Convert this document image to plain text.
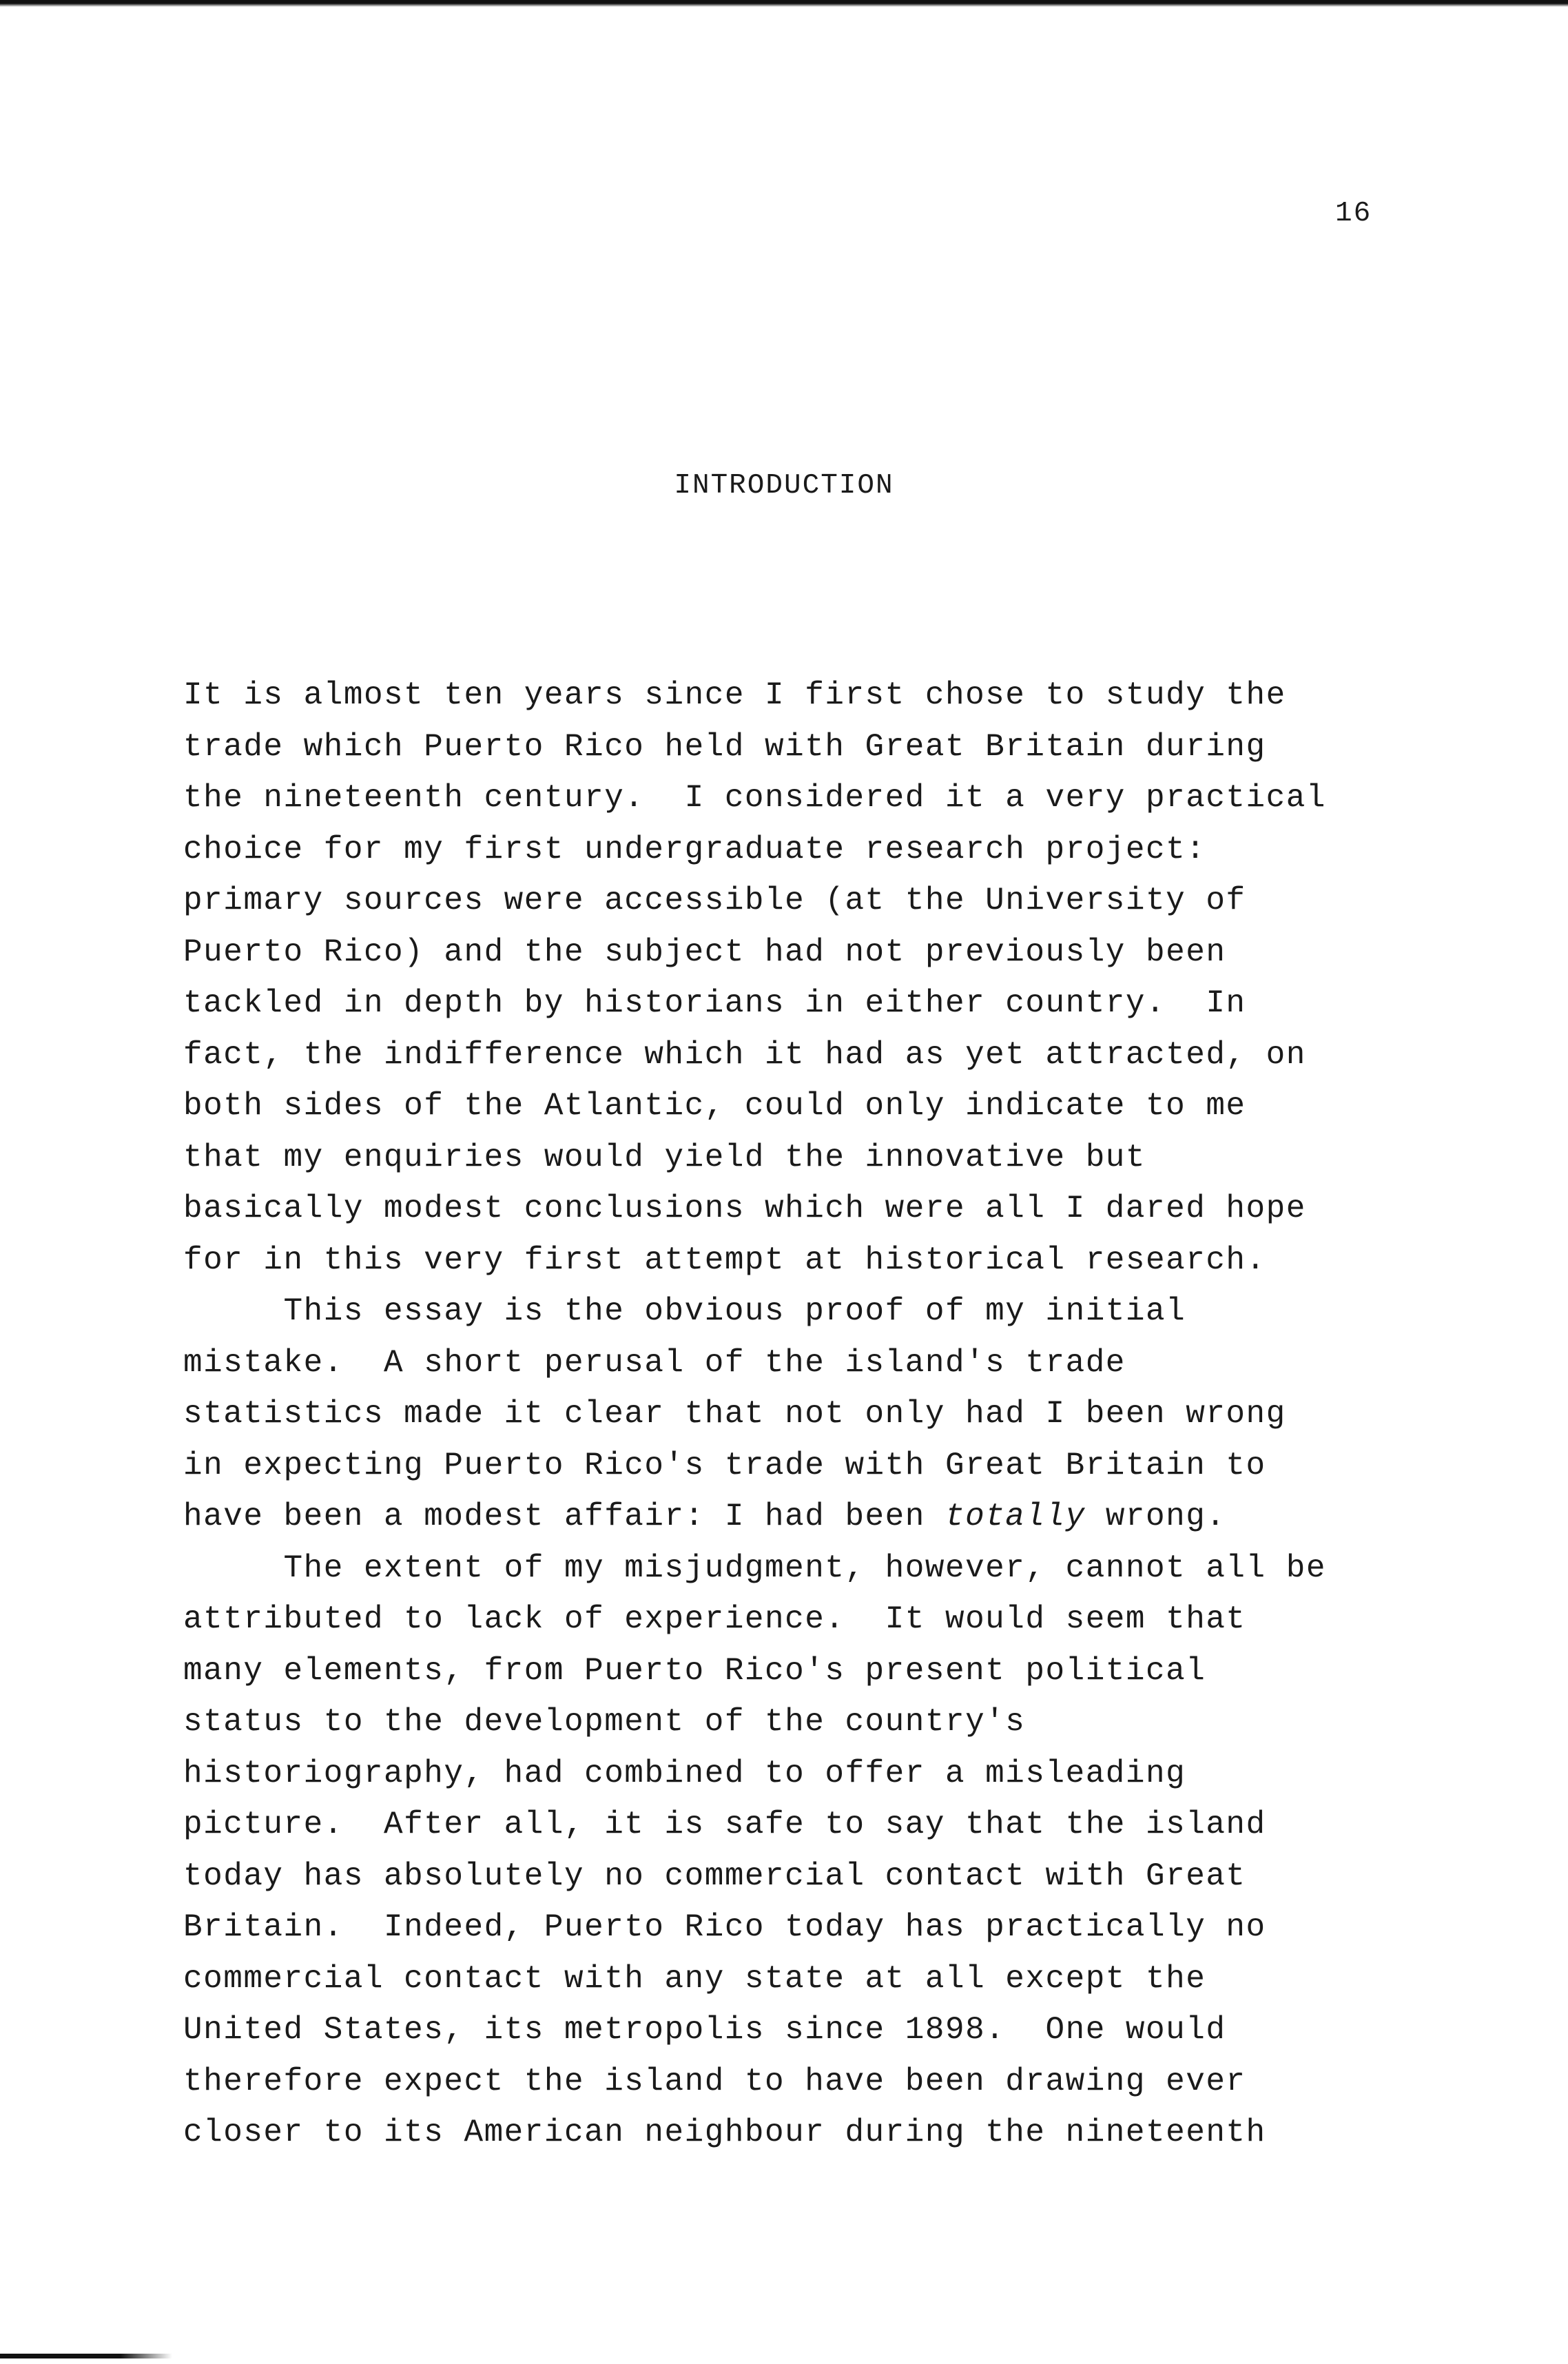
16
INTRODUCTION
It is almost ten years since I first chose to study the
trade which Puerto Rico held with Great Britain during
the nineteenth century.  I considered it a very practical
choice for my first undergraduate research project:
primary sources were accessible (at the University of
Puerto Rico) and the subject had not previously been
tackled in depth by historians in either country.  In
fact, the indifference which it had as yet attracted, on
both sides of the Atlantic, could only indicate to me
that my enquiries would yield the innovative but
basically modest conclusions which were all I dared hope
for in this very first attempt at historical research.
This essay is the obvious proof of my initial
mistake.  A short perusal of the island's trade
statistics made it clear that not only had I been wrong
in expecting Puerto Rico's trade with Great Britain to
have been a modest affair: I had been totally wrong.
The extent of my misjudgment, however, cannot all be
attributed to lack of experience.  It would seem that
many elements, from Puerto Rico's present political
status to the development of the country's
historiography, had combined to offer a misleading
picture.  After all, it is safe to say that the island
today has absolutely no commercial contact with Great
Britain.  Indeed, Puerto Rico today has practically no
commercial contact with any state at all except the
United States, its metropolis since 1898.  One would
therefore expect the island to have been drawing ever
closer to its American neighbour during the nineteenth
